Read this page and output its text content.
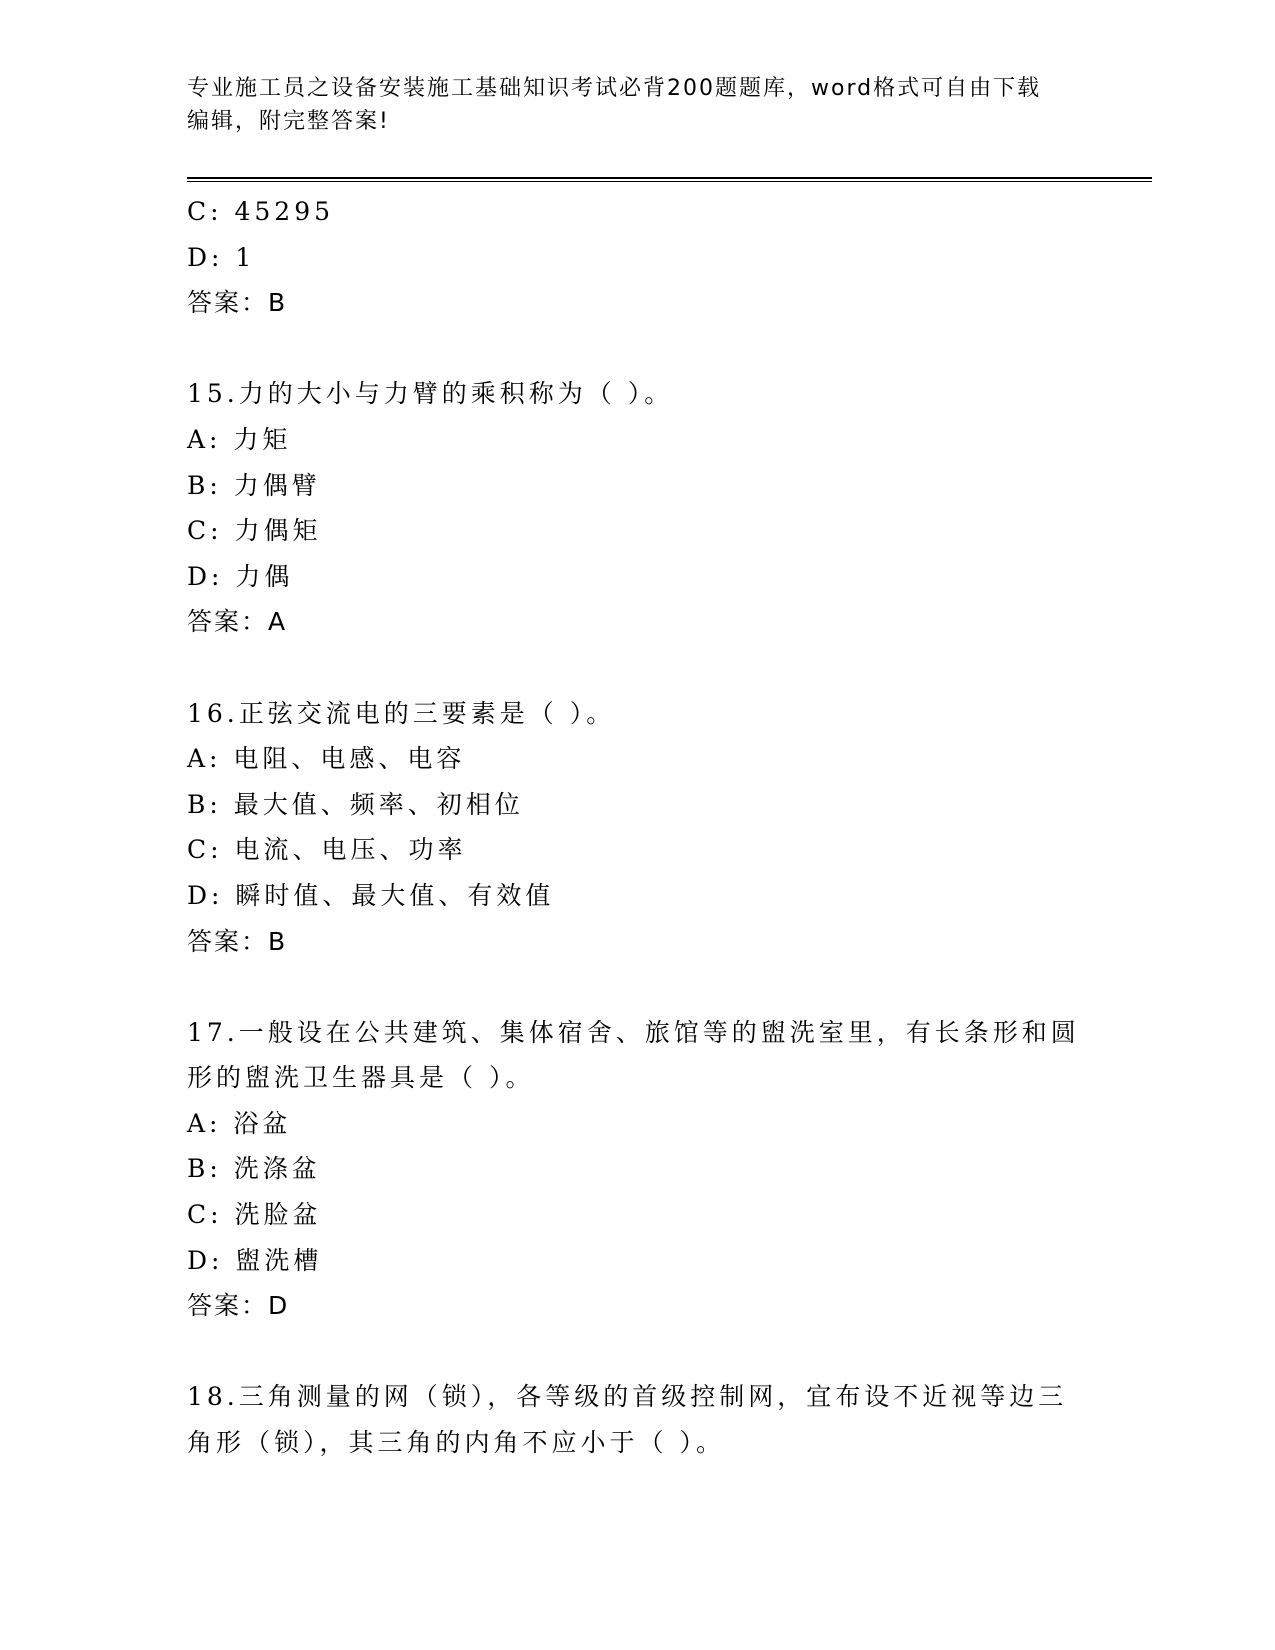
专业施工员之设备安装施工基础知识考试必背200题题库，word格式可自由下载
编辑，附完整答案!
C: 45295
D: 1
答案：B
15.力的大小与力臂的乘积称为（ ）。
A: 力矩
B: 力偶臂
C: 力偶矩
D: 力偶
答案：A
16.正弦交流电的三要素是（ ）。
A: 电阻、电感、电容
B: 最大值、频率、初相位
C: 电流、电压、功率
D: 瞬时值、最大值、有效值
答案：B
17.一般设在公共建筑、集体宿舍、旅馆等的盥洗室里，有长条形和圆
形的盥洗卫生器具是（ ）。
A: 浴盆
B: 洗涤盆
C: 洗脸盆
D: 盥洗槽
答案：D
18.三角测量的网（锁），各等级的首级控制网，宜布设不近视等边三
角形（锁），其三角的内角不应小于（ ）。
